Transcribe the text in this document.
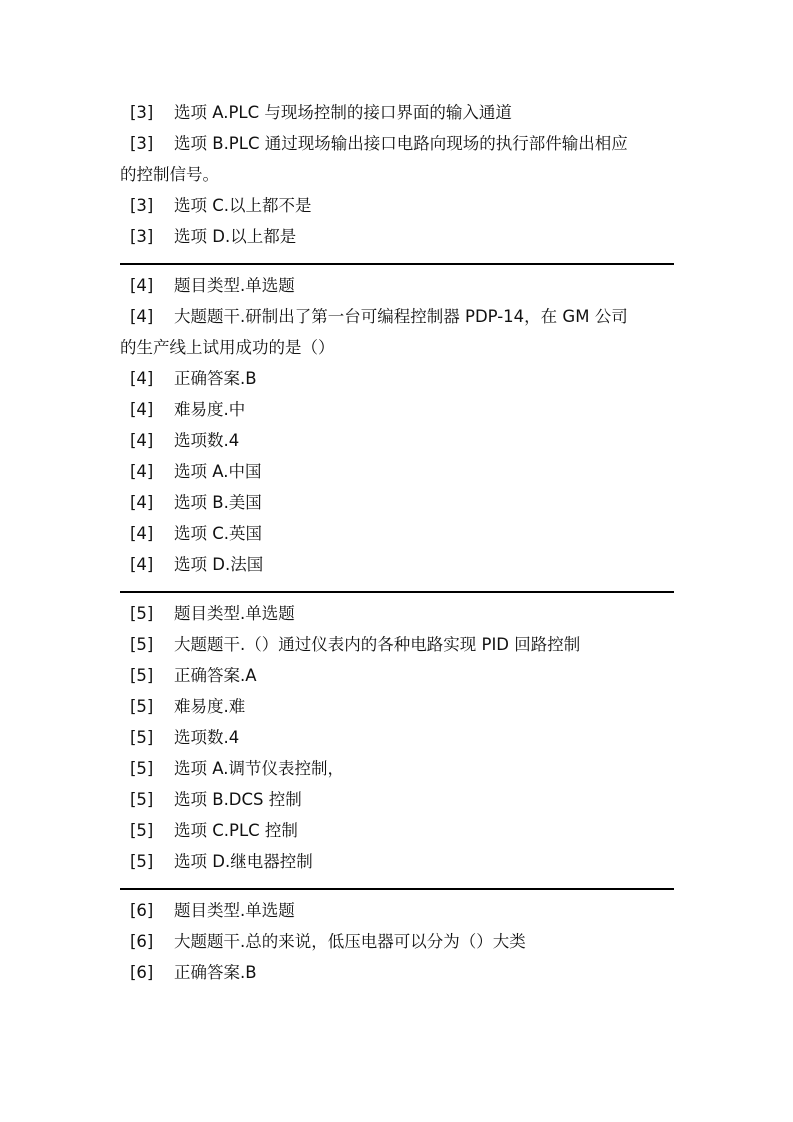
[3] 选项 A.PLC 与现场控制的接口界面的输入通道
[3] 选项 B.PLC 通过现场输出接口电路向现场的执行部件输出相应
的控制信号。
[3] 选项 C.以上都不是
[3] 选项 D.以上都是
[4] 题目类型.单选题
[4] 大题题干.研制出了第一台可编程控制器 PDP-14，在 GM 公司
的生产线上试用成功的是（）
[4] 正确答案.B
[4] 难易度.中
[4] 选项数.4
[4] 选项 A.中国
[4] 选项 B.美国
[4] 选项 C.英国
[4] 选项 D.法国
[5] 题目类型.单选题
[5] 大题题干.（）通过仪表内的各种电路实现 PID 回路控制
[5] 正确答案.A
[5] 难易度.难
[5] 选项数.4
[5] 选项 A.调节仪表控制，
[5] 选项 B.DCS 控制
[5] 选项 C.PLC 控制
[5] 选项 D.继电器控制
[6] 题目类型.单选题
[6] 大题题干.总的来说，低压电器可以分为（）大类
[6] 正确答案.B
